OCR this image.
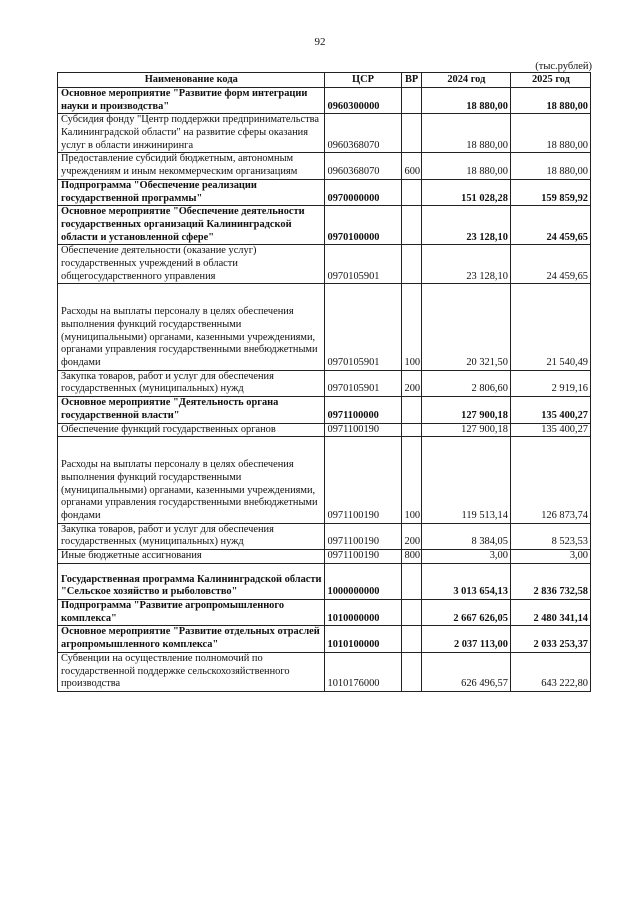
92
(тыс.рублей)
Наименование кода	ЦСР	ВР	2024 год	2025 год
Основное мероприятие "Развитие форм интеграции науки и производства"	0960300000		18 880,00	18 880,00
Субсидия фонду "Центр поддержки предпринимательства Калининградской области" на развитие сферы оказания услуг в области инжиниринга	0960368070		18 880,00	18 880,00
Предоставление субсидий бюджетным, автономным учреждениям и иным некоммерческим организациям	0960368070	600	18 880,00	18 880,00
Подпрограмма "Обеспечение реализации государственной программы"	0970000000		151 028,28	159 859,92
Основное мероприятие "Обеспечение деятельности государственных организаций Калининградской области и установленной сфере"	0970100000		23 128,10	24 459,65
Обеспечение деятельности (оказание услуг) государственных учреждений в области общегосударственного управления	0970105901		23 128,10	24 459,65
Расходы на выплаты персоналу в целях обеспечения выполнения функций государственными (муниципальными) органами, казенными учреждениями, органами управления государственными внебюджетными фондами	0970105901	100	20 321,50	21 540,49
Закупка товаров, работ и услуг для обеспечения государственных (муниципальных) нужд	0970105901	200	2 806,60	2 919,16
Основное мероприятие "Деятельность органа государственной власти"	0971100000		127 900,18	135 400,27
Обеспечение функций государственных органов	0971100190		127 900,18	135 400,27
Расходы на выплаты персоналу в целях обеспечения выполнения функций государственными (муниципальными) органами, казенными учреждениями, органами управления государственными внебюджетными фондами	0971100190	100	119 513,14	126 873,74
Закупка товаров, работ и услуг для обеспечения государственных (муниципальных) нужд	0971100190	200	8 384,05	8 523,53
Иные бюджетные ассигнования	0971100190	800	3,00	3,00
Государственная программа Калининградской области "Сельское хозяйство и рыболовство"	1000000000		3 013 654,13	2 836 732,58
Подпрограмма "Развитие агропромышленного комплекса"	1010000000		2 667 626,05	2 480 341,14
Основное мероприятие "Развитие отдельных отраслей агропромышленного комплекса"	1010100000		2 037 113,00	2 033 253,37
Субвенции на осуществление полномочий по государственной поддержке сельскохозяйственного производства	1010176000		626 496,57	643 222,80
